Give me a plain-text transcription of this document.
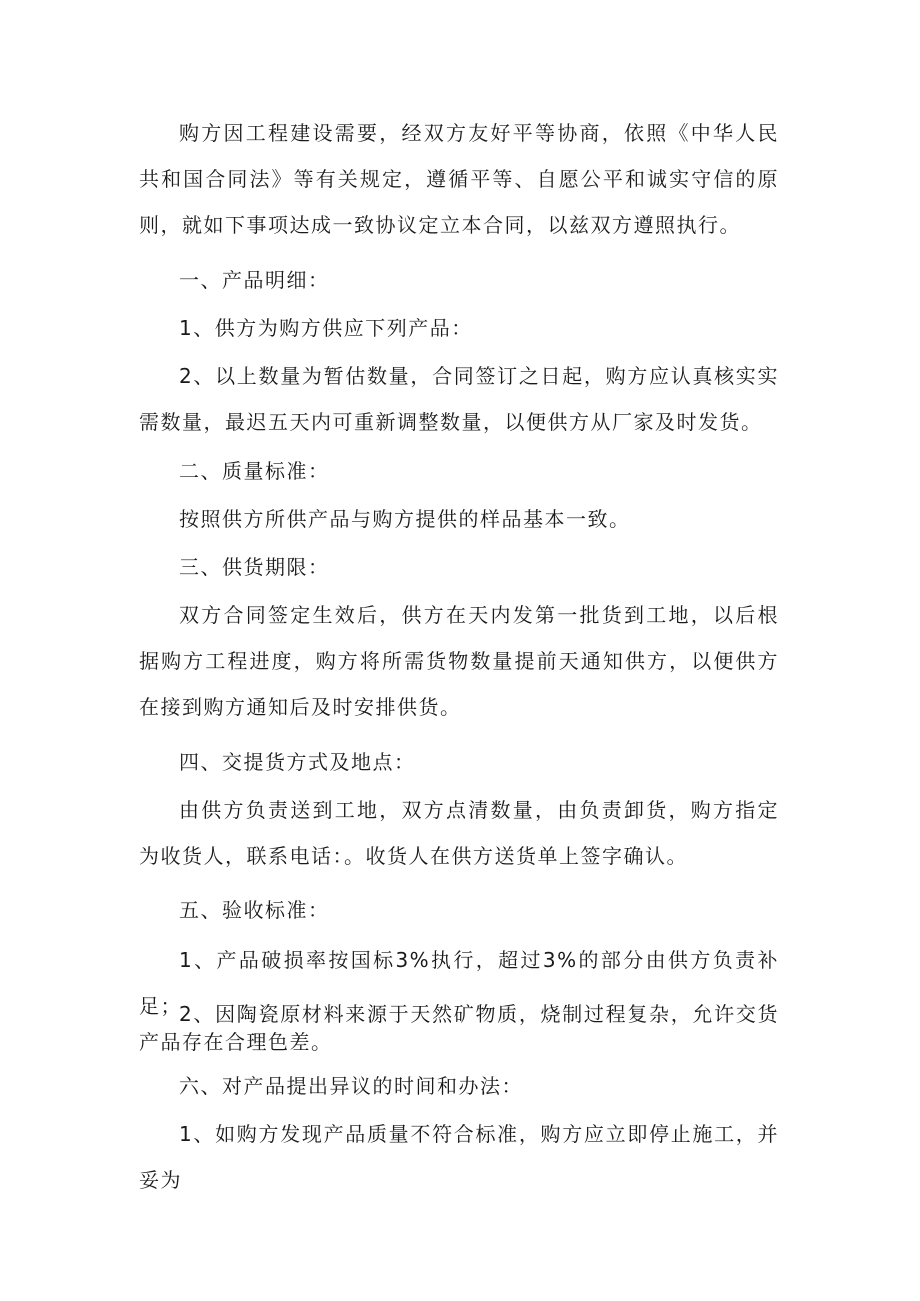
购方因工程建设需要，经双方友好平等协商，依照《中华人民共和国合同法》等有关规定，遵循平等、自愿公平和诚实守信的原则，就如下事项达成一致协议定立本合同，以兹双方遵照执行。

一、产品明细：

1、供方为购方供应下列产品：

2、以上数量为暂估数量，合同签订之日起，购方应认真核实实需数量，最迟五天内可重新调整数量，以便供方从厂家及时发货。

二、质量标准：

按照供方所供产品与购方提供的样品基本一致。

三、供货期限：

双方合同签定生效后，供方在天内发第一批货到工地，以后根据购方工程进度，购方将所需货物数量提前天通知供方，以便供方在接到购方通知后及时安排供货。

四、交提货方式及地点：

由供方负责送到工地，双方点清数量，由负责卸货，购方指定为收货人，联系电话：。收货人在供方送货单上签字确认。

五、验收标准：

1、产品破损率按国标3%执行，超过3%的部分由供方负责补足；

2、因陶瓷原材料来源于天然矿物质，烧制过程复杂，允许交货产品存在合理色差。

六、对产品提出异议的时间和办法：

1、如购方发现产品质量不符合标准，购方应立即停止施工，并妥为
